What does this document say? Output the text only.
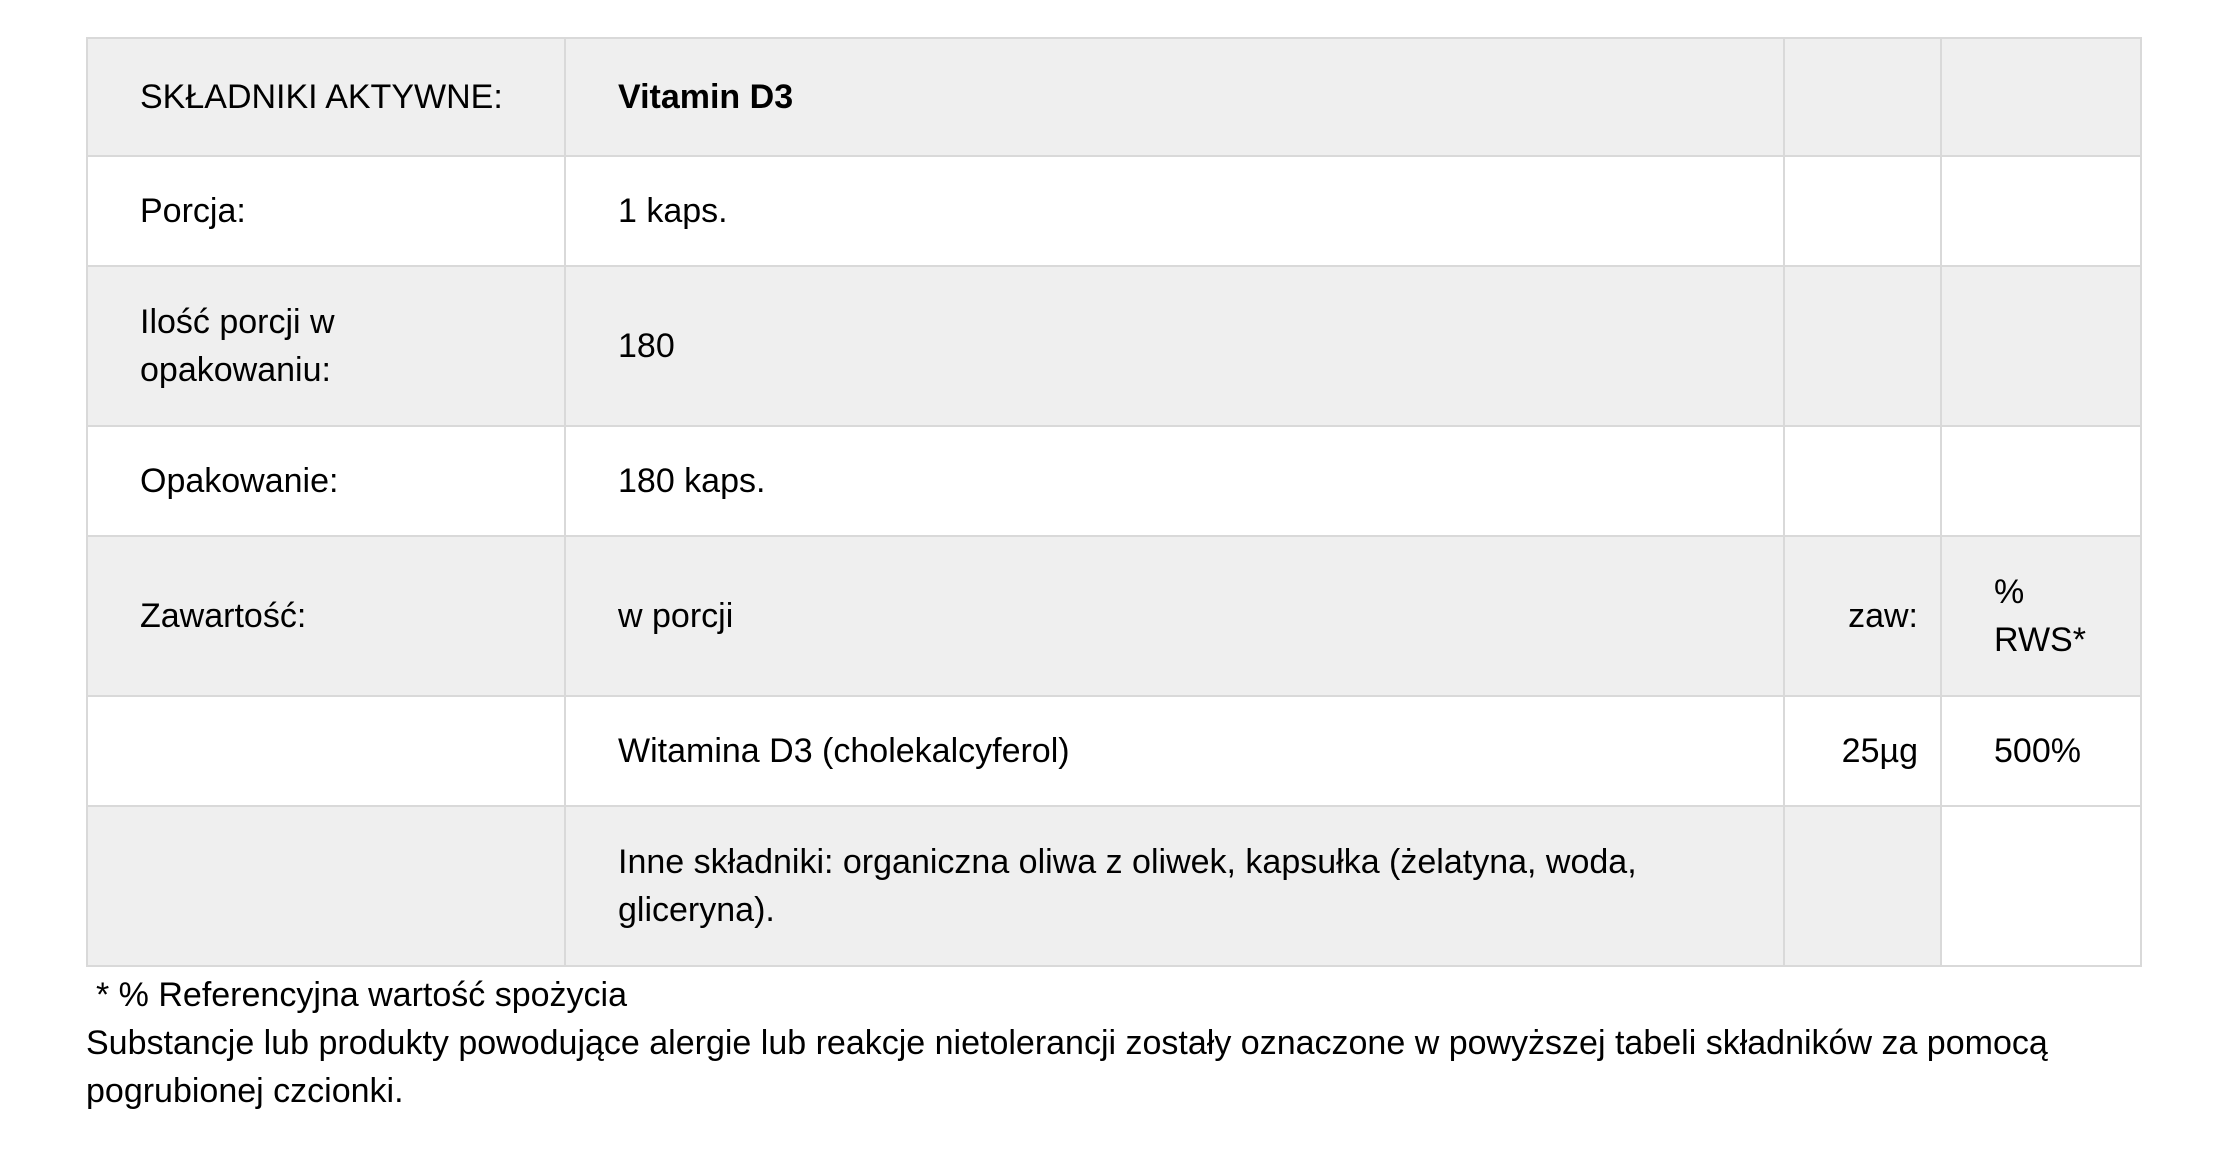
SKŁADNIKI AKTYWNE:	Vitamin D3		
Porcja:	1 kaps.		
Ilość porcji w opakowaniu:	180		
Opakowanie:	180 kaps.		
Zawartość:	w porcji	zaw:	% RWS*
	Witamina D3 (cholekalcyferol)	25µg	500%
	Inne składniki: organiczna oliwa z oliwek, kapsułka (żelatyna, woda, gliceryna).		

* % Referencyjna wartość spożycia

Substancje lub produkty powodujące alergie lub reakcje nietolerancji zostały oznaczone w powyższej tabeli składników za pomocą pogrubionej czcionki.
